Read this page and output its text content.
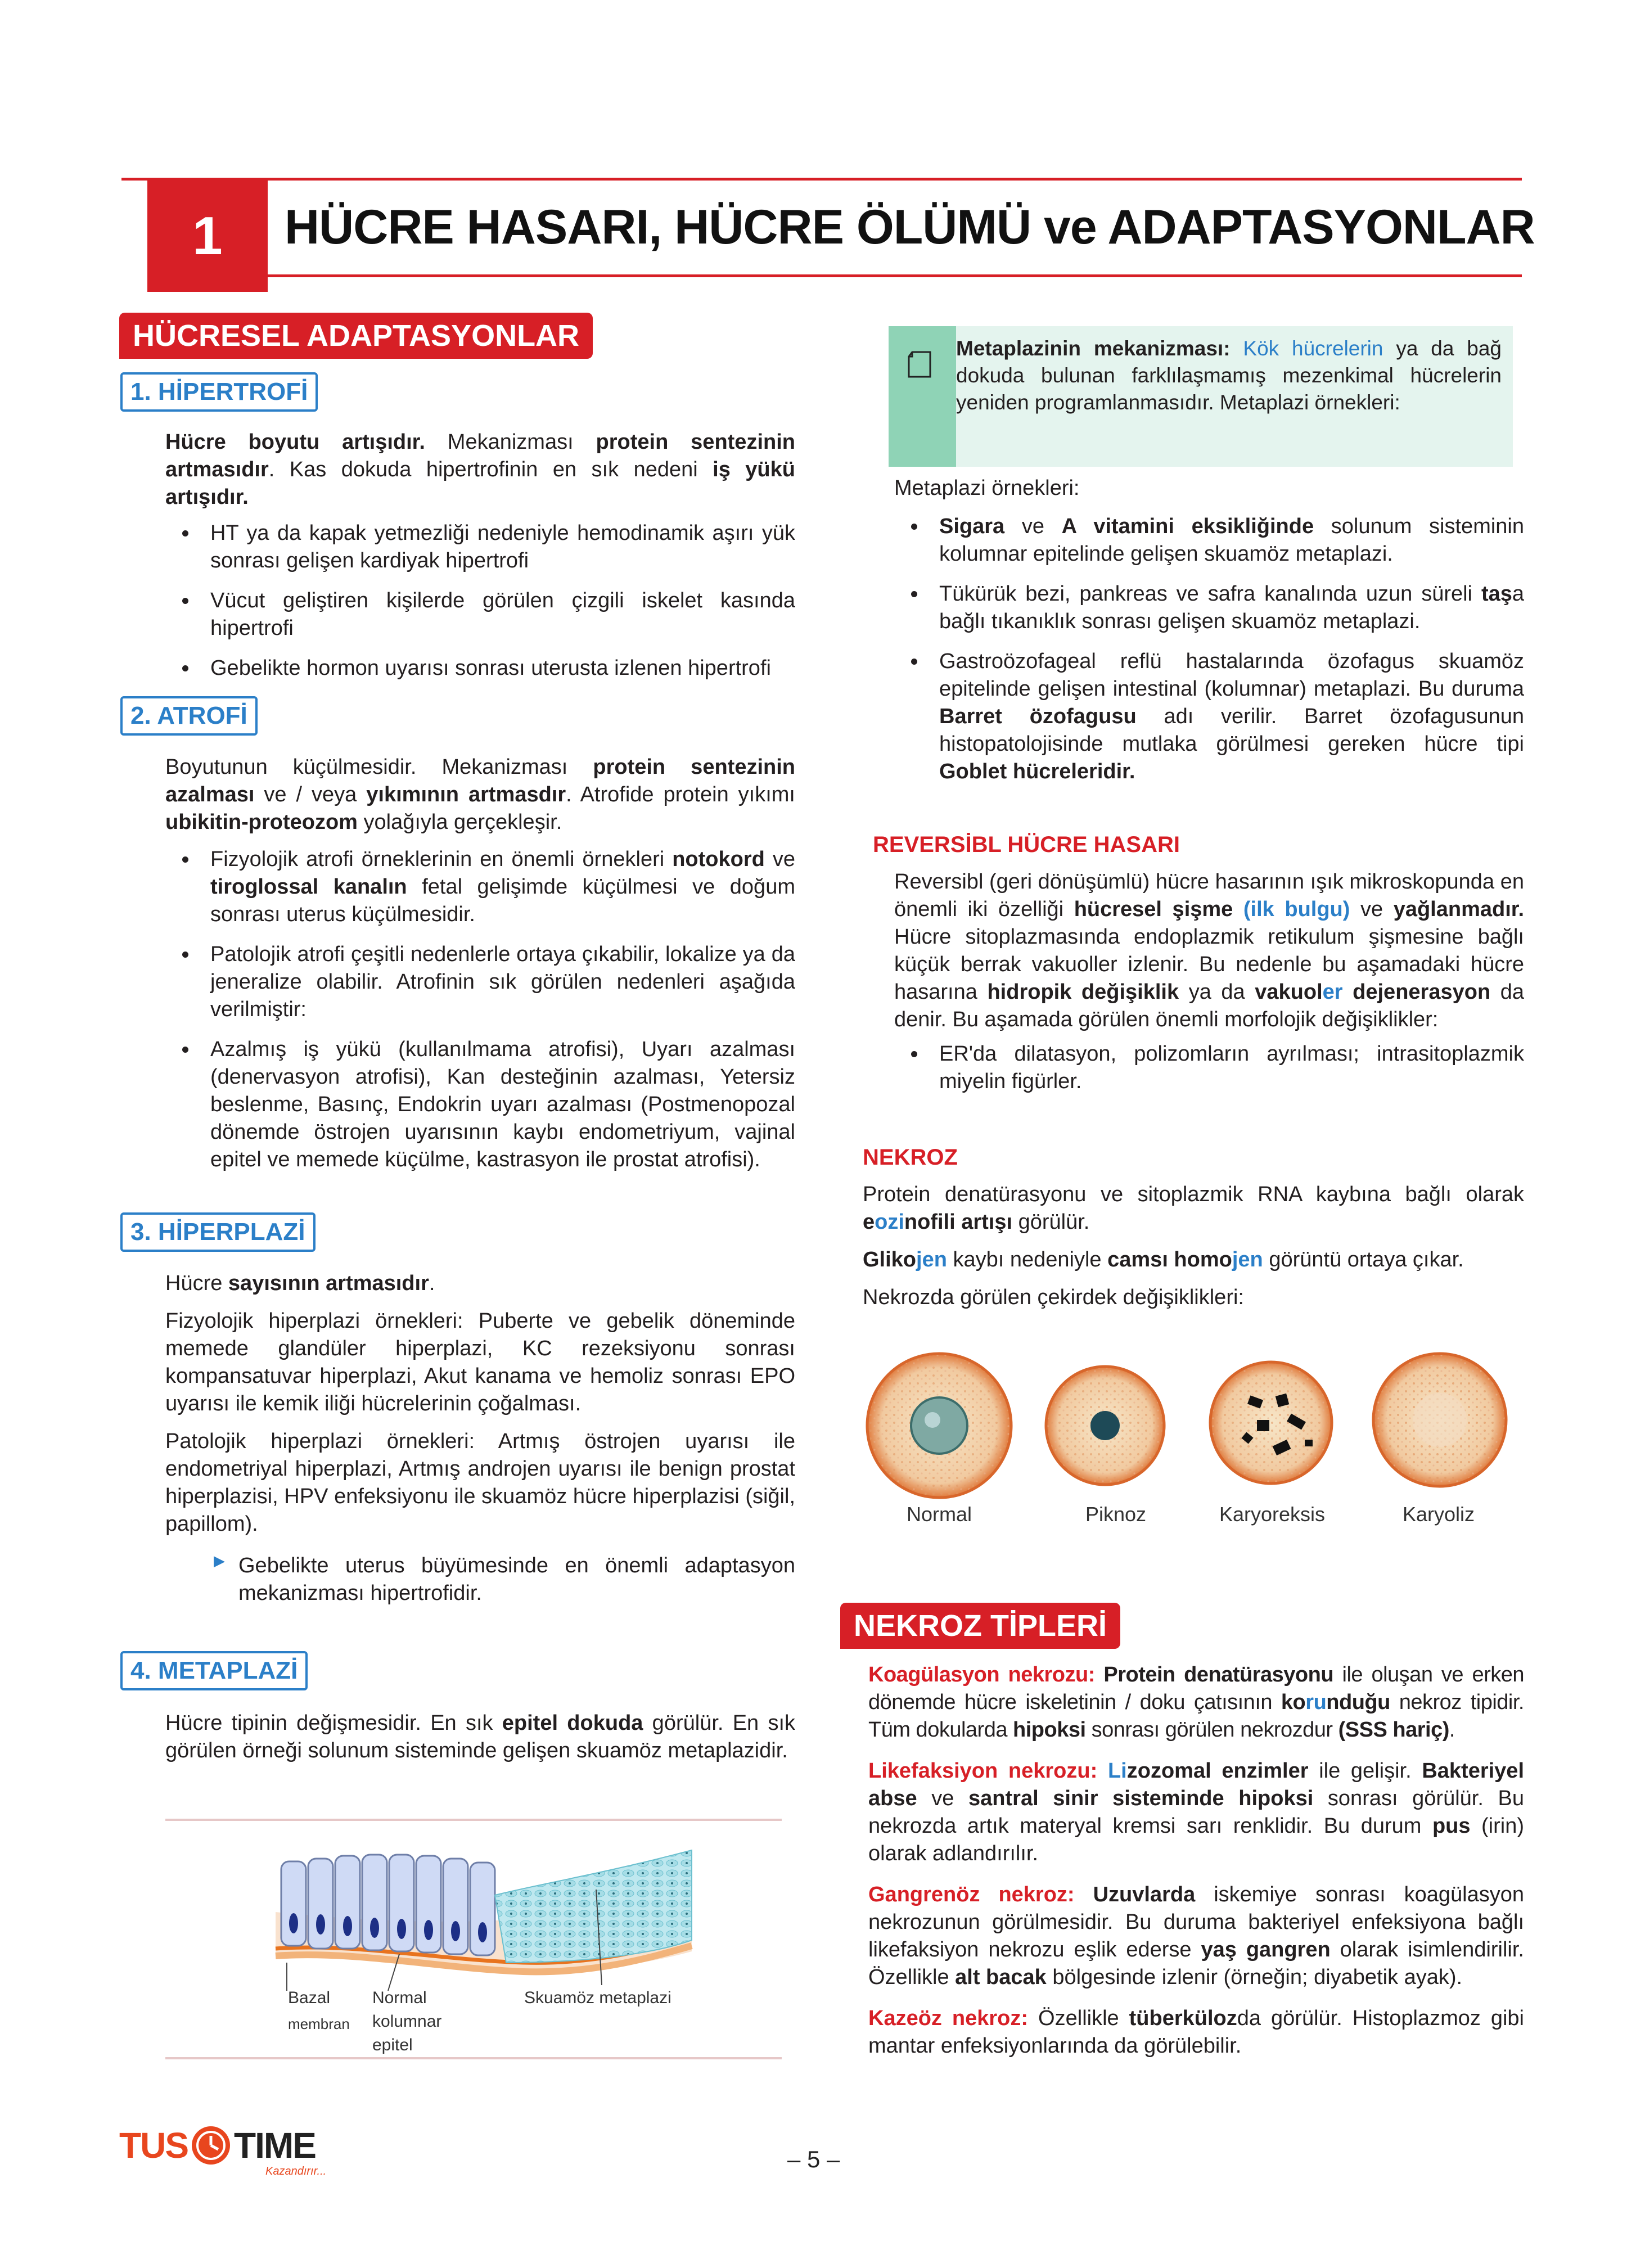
1	HÜCRE HASARI, HÜCRE ÖLÜMÜ ve ADAPTASYONLAR
HÜCRESEL ADAPTASYONLAR
1. HİPERTROFİ

Hücre boyutu artışıdır. Mekanizması protein sentezinin artmasıdır. Kas dokuda hipertrofinin en sık nedeni iş yükü artışıdır.

HT ya da kapak yetmezliği nedeniyle hemodinamik aşırı yük sonrası gelişen kardiyak hipertrofi
Vücut geliştiren kişilerde görülen çizgili iskelet kasında hipertrofi
Gebelikte hormon uyarısı sonrası uterusta izlenen hipertrofi
2. ATROFİ

Boyutunun küçülmesidir. Mekanizması protein sentezinin azalması ve / veya yıkımının artmasdır. Atrofide protein yıkımı ubikitin-proteozom yolağıyla gerçekleşir.

Fizyolojik atrofi örneklerinin en önemli örnekleri notokord ve tiroglossal kanalın fetal gelişimde küçülmesi ve doğum sonrası uterus küçülmesidir.
Patolojik atrofi çeşitli nedenlerle ortaya çıkabilir, lokalize ya da jeneralize olabilir. Atrofinin sık görülen nedenleri aşağıda verilmiştir:
Azalmış iş yükü (kullanılmama atrofisi), Uyarı azalması (denervasyon atrofisi), Kan desteğinin azalması, Yetersiz beslenme, Basınç, Endokrin uyarı azalması (Postmenopozal dönemde östrojen uyarısının kaybı endometriyum, vajinal epitel ve memede küçülme, kastrasyon ile prostat atrofisi).
3. HİPERPLAZİ

Hücre sayısının artmasıdır.

Fizyolojik hiperplazi örnekleri: Puberte ve gebelik döneminde memede glandüler hiperplazi, KC rezeksiyonu sonrası kompansatuvar hiperplazi, Akut kanama ve hemoliz sonrası EPO uyarısı ile kemik iliği hücrelerinin çoğalması.

Patolojik hiperplazi örnekleri: Artmış östrojen uyarısı ile endometriyal hiperplazi, Artmış androjen uyarısı ile benign prostat hiperplazisi, HPV enfeksiyonu ile skuamöz hücre hiperplazisi (siğil, papillom).

▶ Gebelikte uterus büyümesinde en önemli adaptasyon mekanizması hipertrofidir.

4. METAPLAZİ

Hücre tipinin değişmesidir. En sık epitel dokuda görülür. En sık görülen örneği solunum sisteminde gelişen skuamöz metaplazidir.

Bazal
membran
Normal
kolumnar
epitel
Skuamöz metaplazi

Metaplazinin mekanizması: Kök hücrelerin ya da bağ dokuda bulunan farklılaşmamış mezenkimal hücrelerin yeniden programlanmasıdır. Metaplazi örnekleri:

Metaplazi örnekleri:

Sigara ve A vitamini eksikliğinde solunum sisteminin kolumnar epitelinde gelişen skuamöz metaplazi.
Tükürük bezi, pankreas ve safra kanalında uzun süreli taşa bağlı tıkanıklık sonrası gelişen skuamöz metaplazi.
Gastroözofageal reflü hastalarında özofagus skuamöz epitelinde gelişen intestinal (kolumnar) metaplazi. Bu duruma Barret özofagusu adı verilir. Barret özofagusunun histopatolojisinde mutlaka görülmesi gereken hücre tipi Goblet hücreleridir.
REVERSİBL HÜCRE HASARI

Reversibl (geri dönüşümlü) hücre hasarının ışık mikroskopunda en önemli iki özelliği hücresel şişme (ilk bulgu) ve yağlanmadır. Hücre sitoplazmasında endoplazmik retikulum şişmesine bağlı küçük berrak vakuoller izlenir. Bu nedenle bu aşamadaki hücre hasarına hidropik değişiklik ya da vakuoler dejenerasyon da denir. Bu aşamada görülen önemli morfolojik değişiklikler:

ER'da dilatasyon, polizomların ayrılması; intrasitoplazmik miyelin figürler.
NEKROZ

Protein denatürasyonu ve sitoplazmik RNA kaybına bağlı olarak eozinofili artışı görülür.

Glikojen kaybı nedeniyle camsı homojen görüntü ortaya çıkar.

Nekrozda görülen çekirdek değişiklikleri:

Normal	Piknoz	Karyoreksis	Karyoliz
NEKROZ TİPLERİ

Koagülasyon nekrozu: Protein denatürasyonu ile oluşan ve erken dönemde hücre iskeletinin / doku çatısının korunduğu nekroz tipidir. Tüm dokularda hipoksi sonrası görülen nekrozdur (SSS hariç).

Likefaksiyon nekrozu: Lizozomal enzimler ile gelişir. Bakteriyel abse ve santral sinir sisteminde hipoksi sonrası görülür. Bu nekrozda artık materyal kremsi sarı renklidir. Bu durum pus (irin) olarak adlandırılır.

Gangrenöz nekroz: Uzuvlarda iskemiye sonrası koagülasyon nekrozunun görülmesidir. Bu duruma bakteriyel enfeksiyona bağlı likefaksiyon nekrozu eşlik ederse yaş gangren olarak isimlendirilir. Özellikle alt bacak bölgesinde izlenir (örneğin; diyabetik ayak).

Kazeöz nekroz: Özellikle tüberkülozda görülür. Histoplazmoz gibi mantar enfeksiyonlarında da görülebilir.

TUS TIME
Kazandırır...	– 5 –
